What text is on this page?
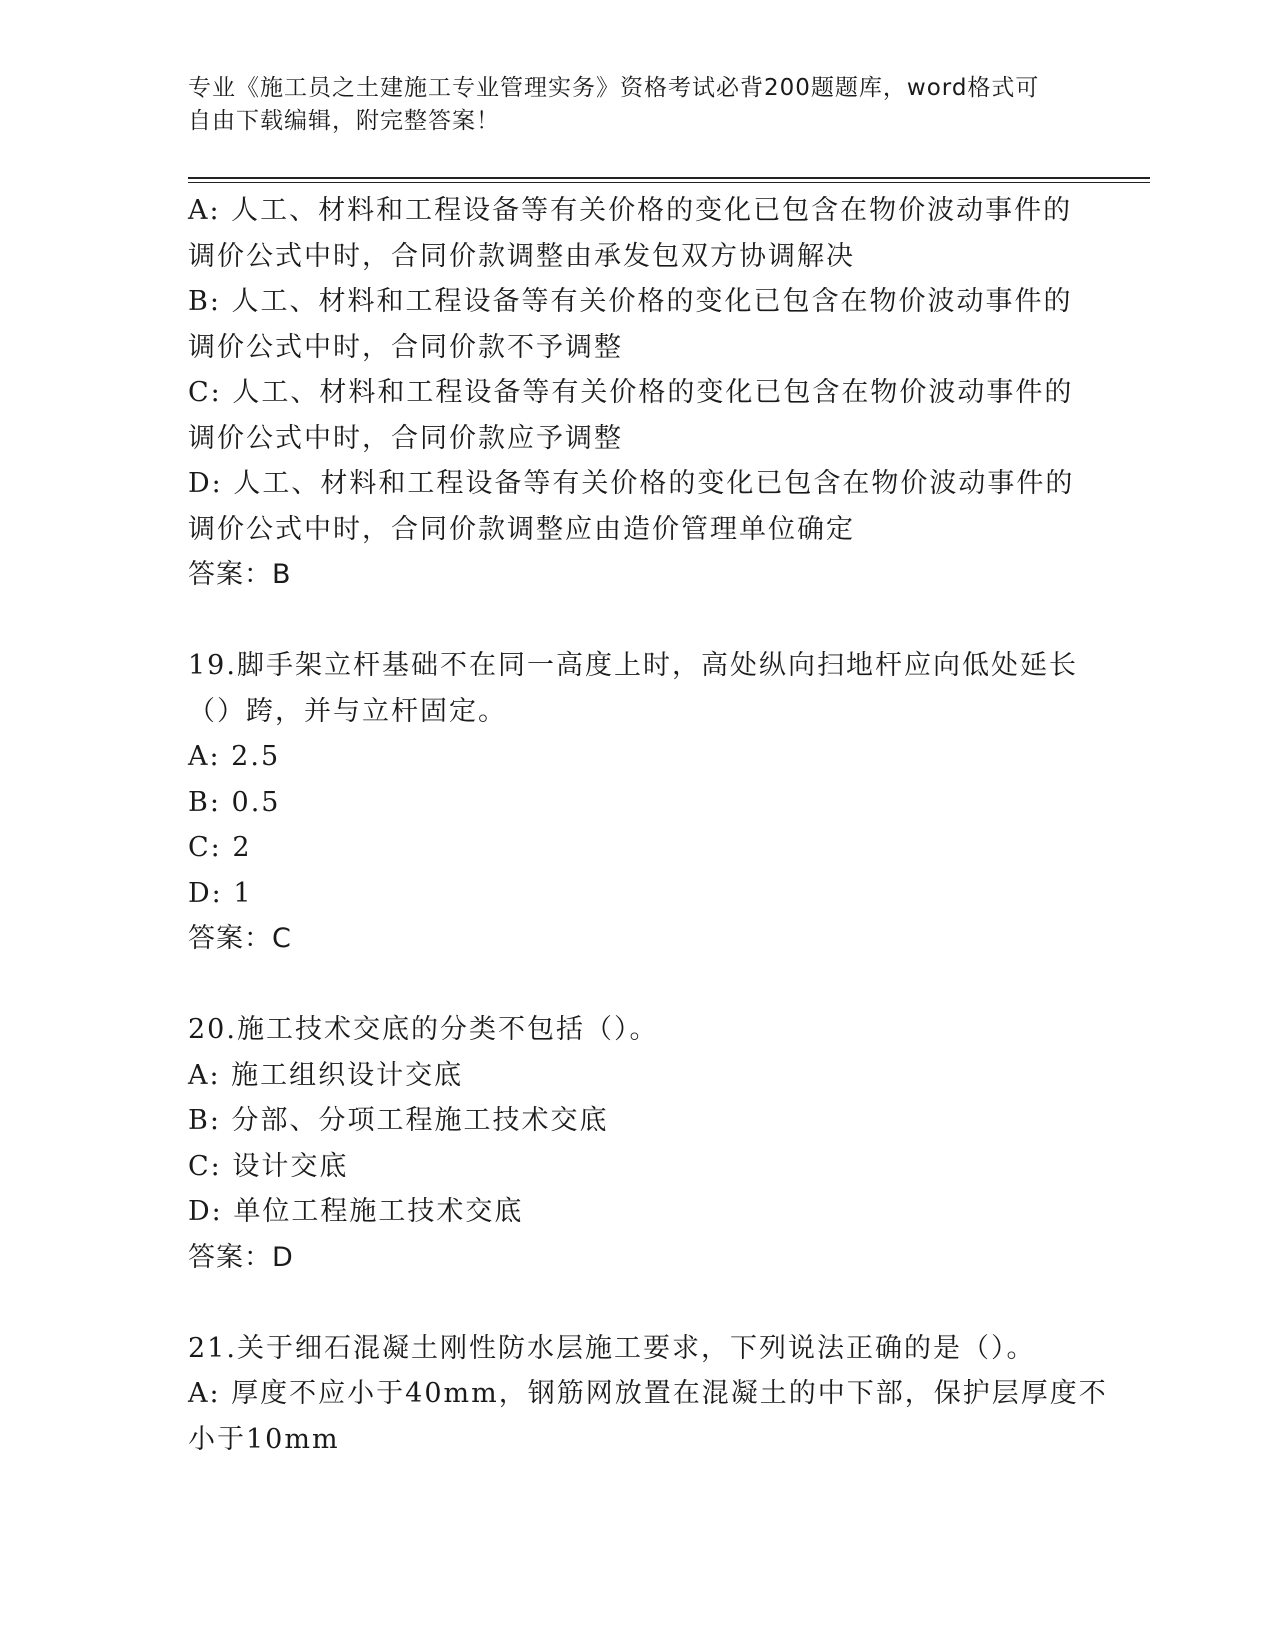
专业《施工员之土建施工专业管理实务》资格考试必背200题题库，word格式可
自由下载编辑，附完整答案！
A: 人工、材料和工程设备等有关价格的变化已包含在物价波动事件的
调价公式中时，合同价款调整由承发包双方协调解决
B: 人工、材料和工程设备等有关价格的变化已包含在物价波动事件的
调价公式中时，合同价款不予调整
C: 人工、材料和工程设备等有关价格的变化已包含在物价波动事件的
调价公式中时，合同价款应予调整
D: 人工、材料和工程设备等有关价格的变化已包含在物价波动事件的
调价公式中时，合同价款调整应由造价管理单位确定
答案：B
19.脚手架立杆基础不在同一高度上时，高处纵向扫地杆应向低处延长
（）跨，并与立杆固定。
A: 2.5
B: 0.5
C: 2
D: 1
答案：C
20.施工技术交底的分类不包括（）。
A: 施工组织设计交底
B: 分部、分项工程施工技术交底
C: 设计交底
D: 单位工程施工技术交底
答案：D
21.关于细石混凝土刚性防水层施工要求，下列说法正确的是（）。
A: 厚度不应小于40mm，钢筋网放置在混凝土的中下部，保护层厚度不
小于10mm
